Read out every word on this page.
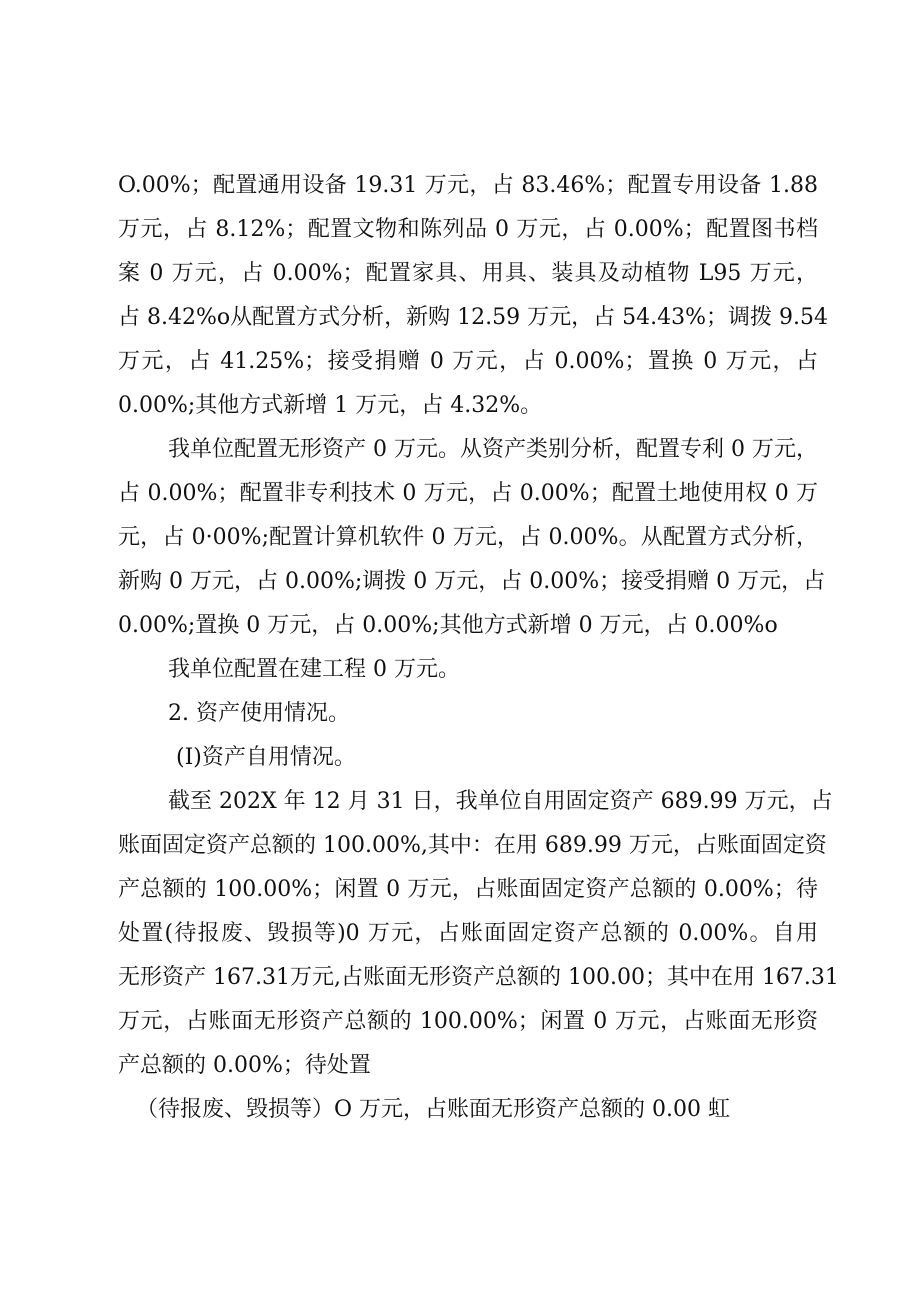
O.00%；配置通用设备 19.31 万元，占 83.46%；配置专用设备 1.88
万元，占 8.12%；配置文物和陈列品 0 万元，占 0.00%；配置图书档
案 0 万元，占 0.00%；配置家具、用具、装具及动植物 L95 万元，
占 8.42%o从配置方式分析，新购 12.59 万元，占 54.43%；调拨 9.54
万元，占 41.25%；接受捐赠 0 万元，占 0.00%；置换 0 万元，占
0.00%;其他方式新增 1 万元，占 4.32%。
我单位配置无形资产 0 万元。从资产类别分析，配置专利 0 万元，
占 0.00%；配置非专利技术 0 万元，占 0.00%；配置土地使用权 0 万
元，占 0·00%;配置计算机软件 0 万元，占 0.00%。从配置方式分析，
新购 0 万元，占 0.00%;调拨 0 万元，占 0.00%；接受捐赠 0 万元，占
0.00%;置换 0 万元，占 0.00%;其他方式新增 0 万元，占 0.00%o
我单位配置在建工程 0 万元。
2. 资产使用情况。
(I)资产自用情况。
截至 202X 年 12 月 31 日，我单位自用固定资产 689.99 万元，占
账面固定资产总额的 100.00%,其中：在用 689.99 万元，占账面固定资
产总额的 100.00%；闲置 0 万元，占账面固定资产总额的 0.00%；待
处置(待报废、毁损等)0 万元，占账面固定资产总额的 0.00%。自用
无形资产 167.31万元,占账面无形资产总额的 100.00；其中在用 167.31
万元，占账面无形资产总额的 100.00%；闲置 0 万元，占账面无形资
产总额的 0.00%；待处置
（待报废、毁损等）O 万元，占账面无形资产总额的 0.00 虹
